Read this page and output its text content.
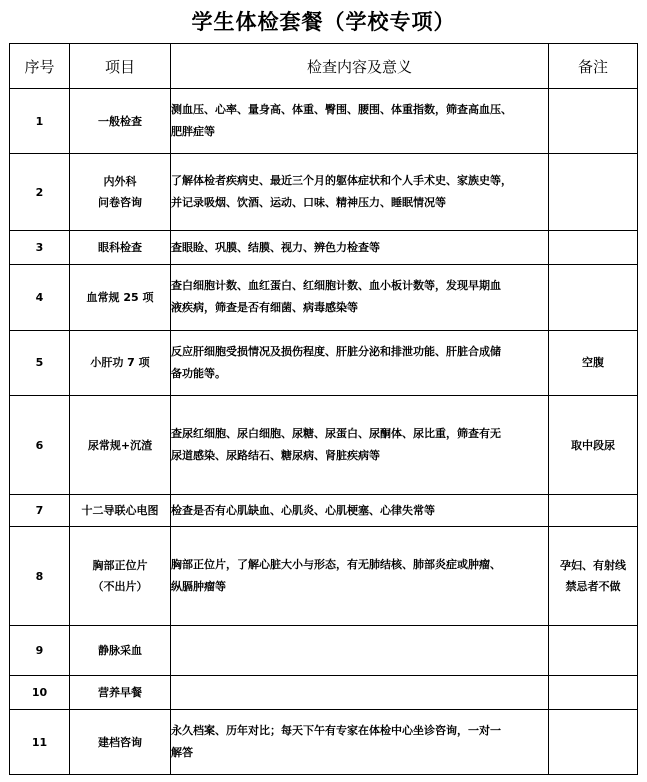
学生体检套餐（学校专项）
序号	项目	检查内容及意义	备注
1	一般检查	测血压、心率、量身高、体重、臀围、腰围、体重指数，筛查高血压、
肥胖症等	

2	内外科
问卷咨询	了解体检者疾病史、最近三个月的躯体症状和个人手术史、家族史等，
并记录吸烟、饮酒、运动、口味、精神压力、睡眠情况等	

3	眼科检查	查眼睑、巩膜、结膜、视力、辨色力检查等	

4	血常规 25 项	查白细胞计数、血红蛋白、红细胞计数、血小板计数等，发现早期血
液疾病，筛查是否有细菌、病毒感染等	

5	小肝功 7 项	反应肝细胞受损情况及损伤程度、肝脏分泌和排泄功能、肝脏合成储
备功能等。	空腹

6	尿常规+沉渣	查尿红细胞、尿白细胞、尿糖、尿蛋白、尿酮体、尿比重，筛查有无
尿道感染、尿路结石、糖尿病、肾脏疾病等	取中段尿

7	十二导联心电图	检查是否有心肌缺血、心肌炎、心肌梗塞、心律失常等	

8	胸部正位片
（不出片）	胸部正位片，了解心脏大小与形态，有无肺结核、肺部炎症或肿瘤、
纵膈肿瘤等	孕妇、有射线
禁忌者不做

9	静脉采血		

10	营养早餐		

11	建档咨询	永久档案、历年对比；每天下午有专家在体检中心坐诊咨询，一对一
解答	
